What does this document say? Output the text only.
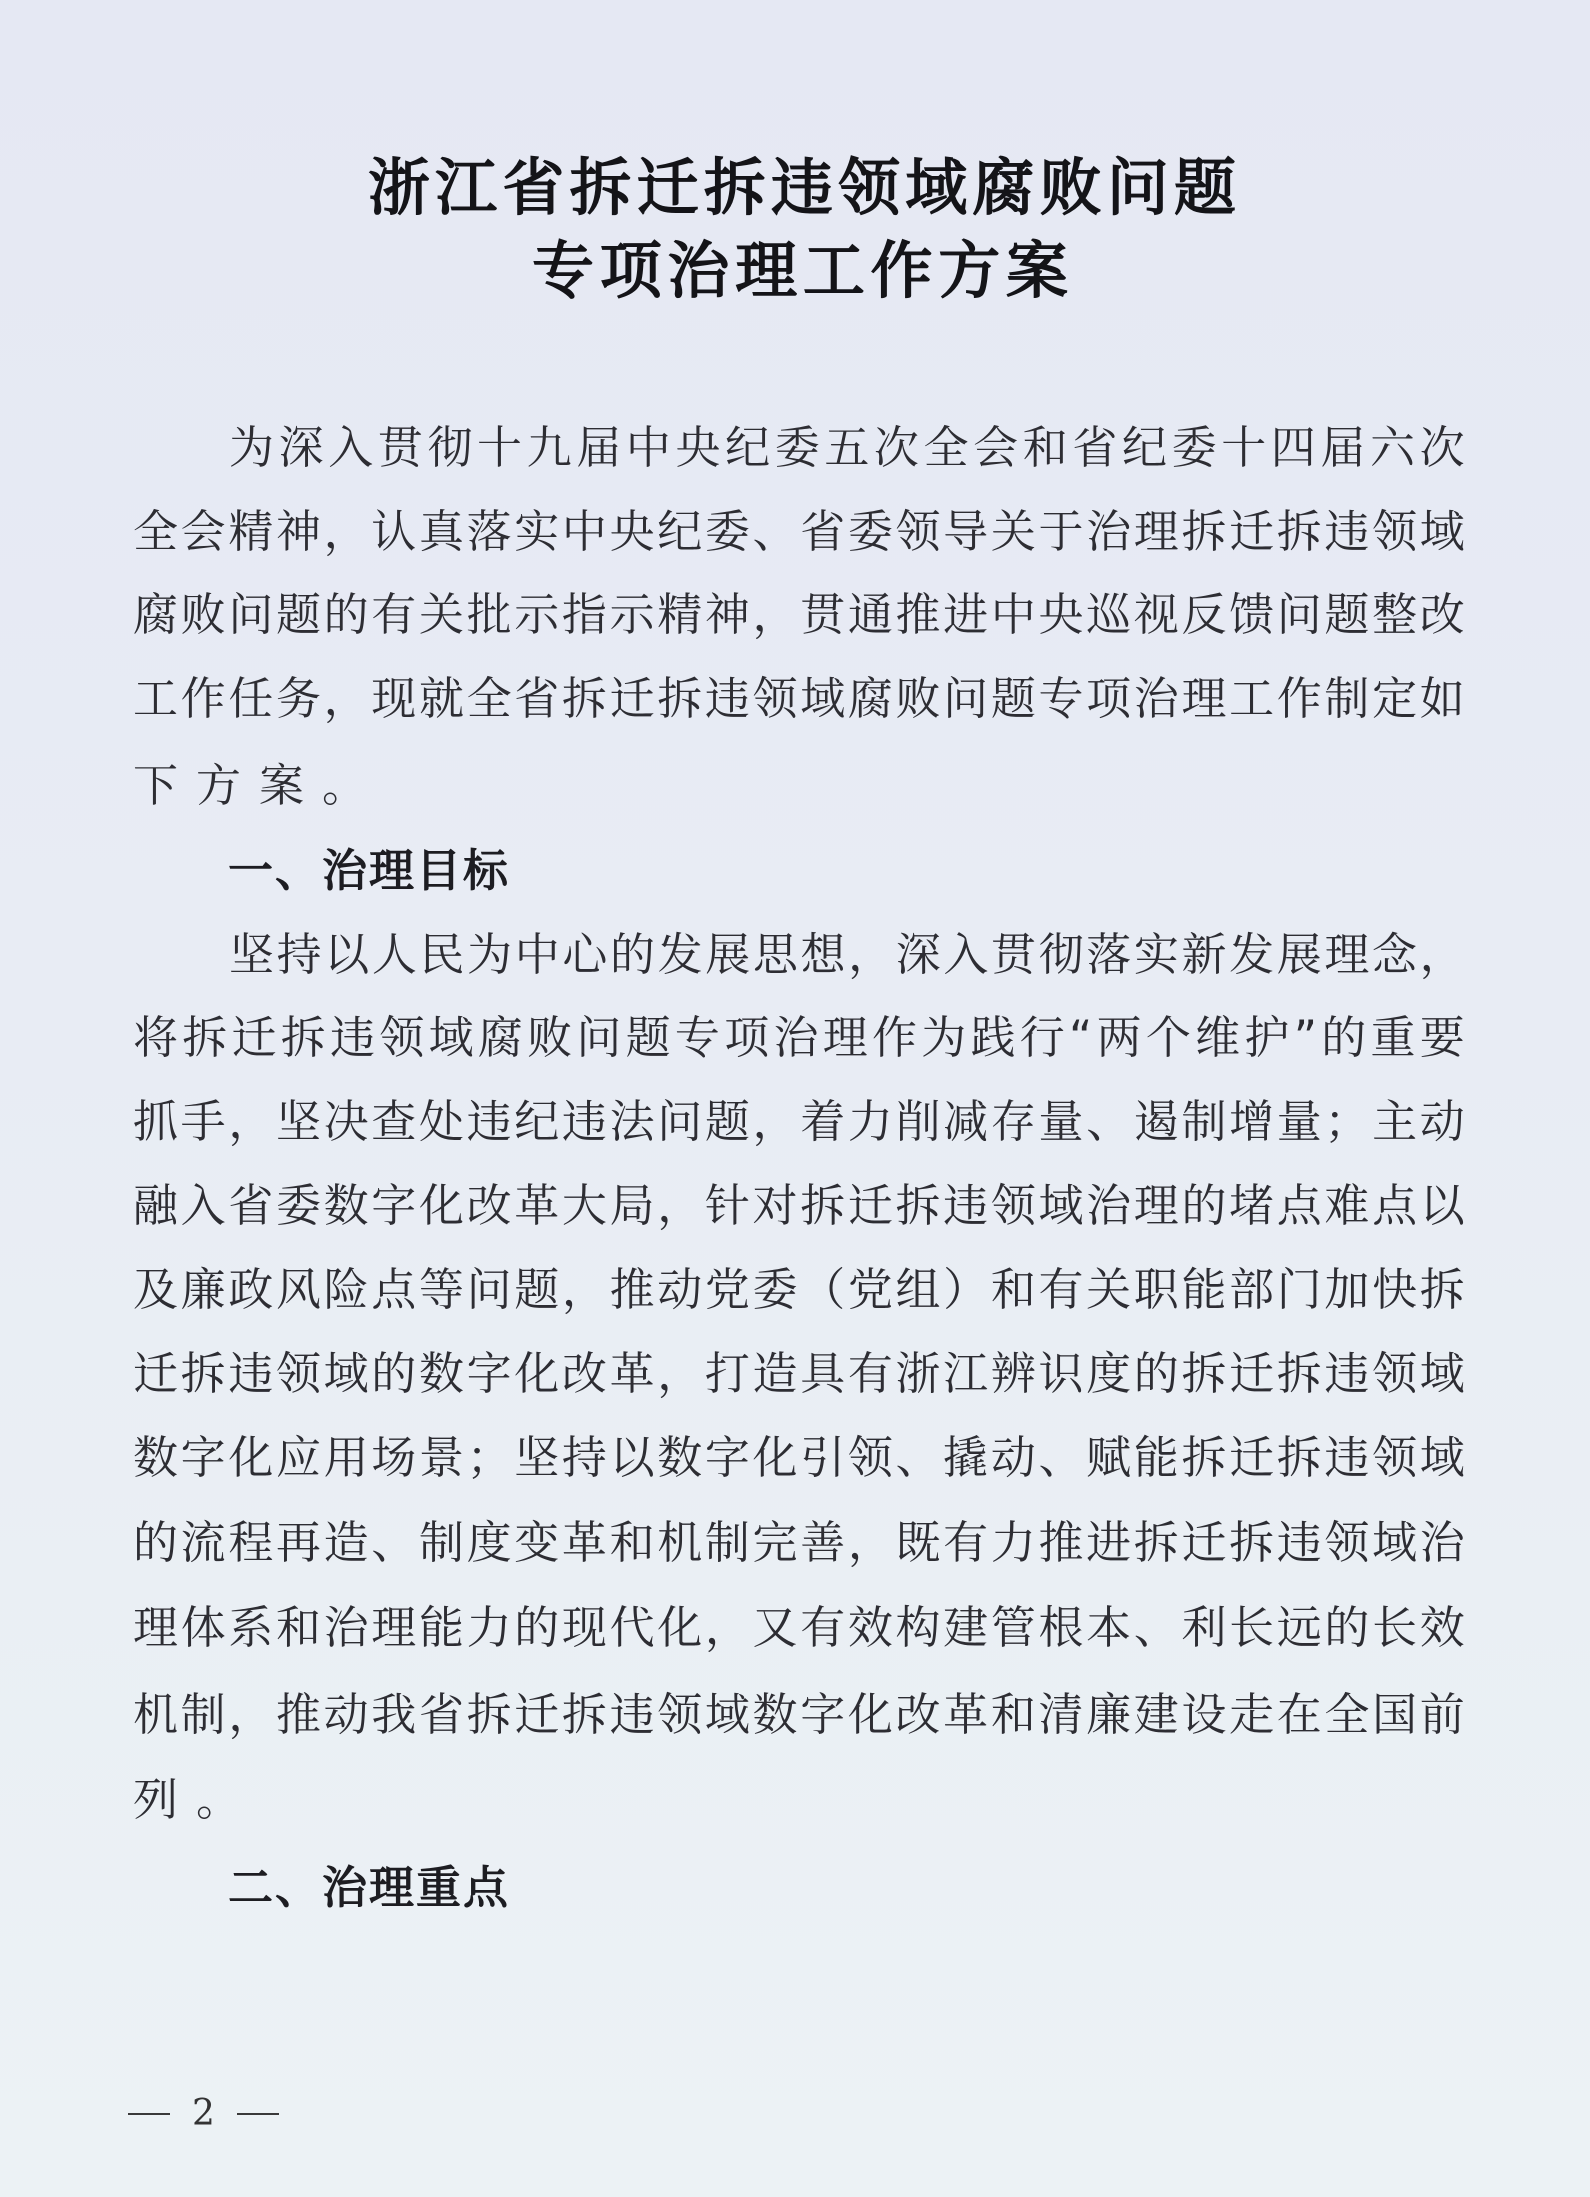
浙 江 省 拆 迁 拆 违 领 域 腐 败 问 题
专 项 治 理 工 作 方 案
为 深 入 贯 彻 十 九 届 中 央 纪 委 五 次 全 会 和 省 纪 委 十 四 届 六 次
全 会 精 神 ， 认 真 落 实 中 央 纪 委 、 省 委 领 导 关 于 治 理 拆 迁 拆 违 领 域
腐 败 问 题 的 有 关 批 示 指 示 精 神 ， 贯 通 推 进 中 央 巡 视 反 馈 问 题 整 改
工 作 任 务 ， 现 就 全 省 拆 迁 拆 违 领 域 腐 败 问 题 专 项 治 理 工 作 制 定 如
下 方 案 。
一、治理目标
坚 持 以 人 民 为 中 心 的 发 展 思 想 ， 深 入 贯 彻 落 实 新 发 展 理 念 ，
将 拆 迁 拆 违 领 域 腐 败 问 题 专 项 治 理 作 为 践 行 “ 两 个 维 护 ” 的 重 要
抓 手 ， 坚 决 查 处 违 纪 违 法 问 题 ， 着 力 削 减 存 量 、 遏 制 增 量 ； 主 动
融 入 省 委 数 字 化 改 革 大 局 ， 针 对 拆 迁 拆 违 领 域 治 理 的 堵 点 难 点 以
及 廉 政 风 险 点 等 问 题 ， 推 动 党 委 （ 党 组 ） 和 有 关 职 能 部 门 加 快 拆
迁 拆 违 领 域 的 数 字 化 改 革 ， 打 造 具 有 浙 江 辨 识 度 的 拆 迁 拆 违 领 域
数 字 化 应 用 场 景 ； 坚 持 以 数 字 化 引 领 、 撬 动 、 赋 能 拆 迁 拆 违 领 域
的 流 程 再 造 、 制 度 变 革 和 机 制 完 善 ， 既 有 力 推 进 拆 迁 拆 违 领 域 治
理 体 系 和 治 理 能 力 的 现 代 化 ， 又 有 效 构 建 管 根 本 、 利 长 远 的 长 效
机 制 ， 推 动 我 省 拆 迁 拆 违 领 域 数 字 化 改 革 和 清 廉 建 设 走 在 全 国 前
列 。
二、治理重点
2
